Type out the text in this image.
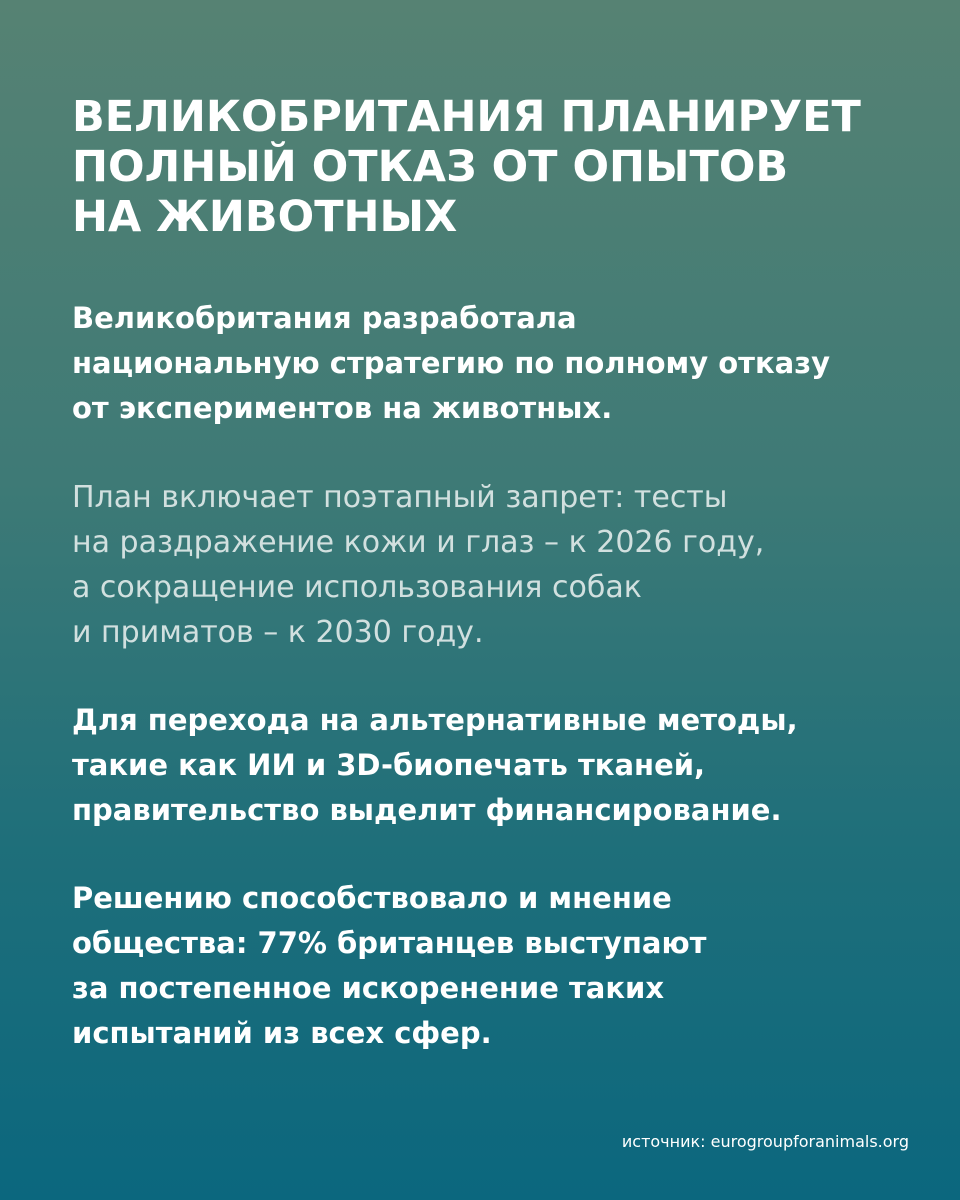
ВЕЛИКОБРИТАНИЯ ПЛАНИРУЕТ
ПОЛНЫЙ ОТКАЗ ОТ ОПЫТОВ
НА ЖИВОТНЫХ

Великобритания разработала
национальную стратегию по полному отказу
от экспериментов на животных.

План включает поэтапный запрет: тесты
на раздражение кожи и глаз – к 2026 году,
а сокращение использования собак
и приматов – к 2030 году.

Для перехода на альтернативные методы,
такие как ИИ и 3D-биопечать тканей,
правительство выделит финансирование.

Решению способствовало и мнение
общества: 77% британцев выступают
за постепенное искоренение таких
испытаний из всех сфер.

источник: eurogroupforanimals.org
